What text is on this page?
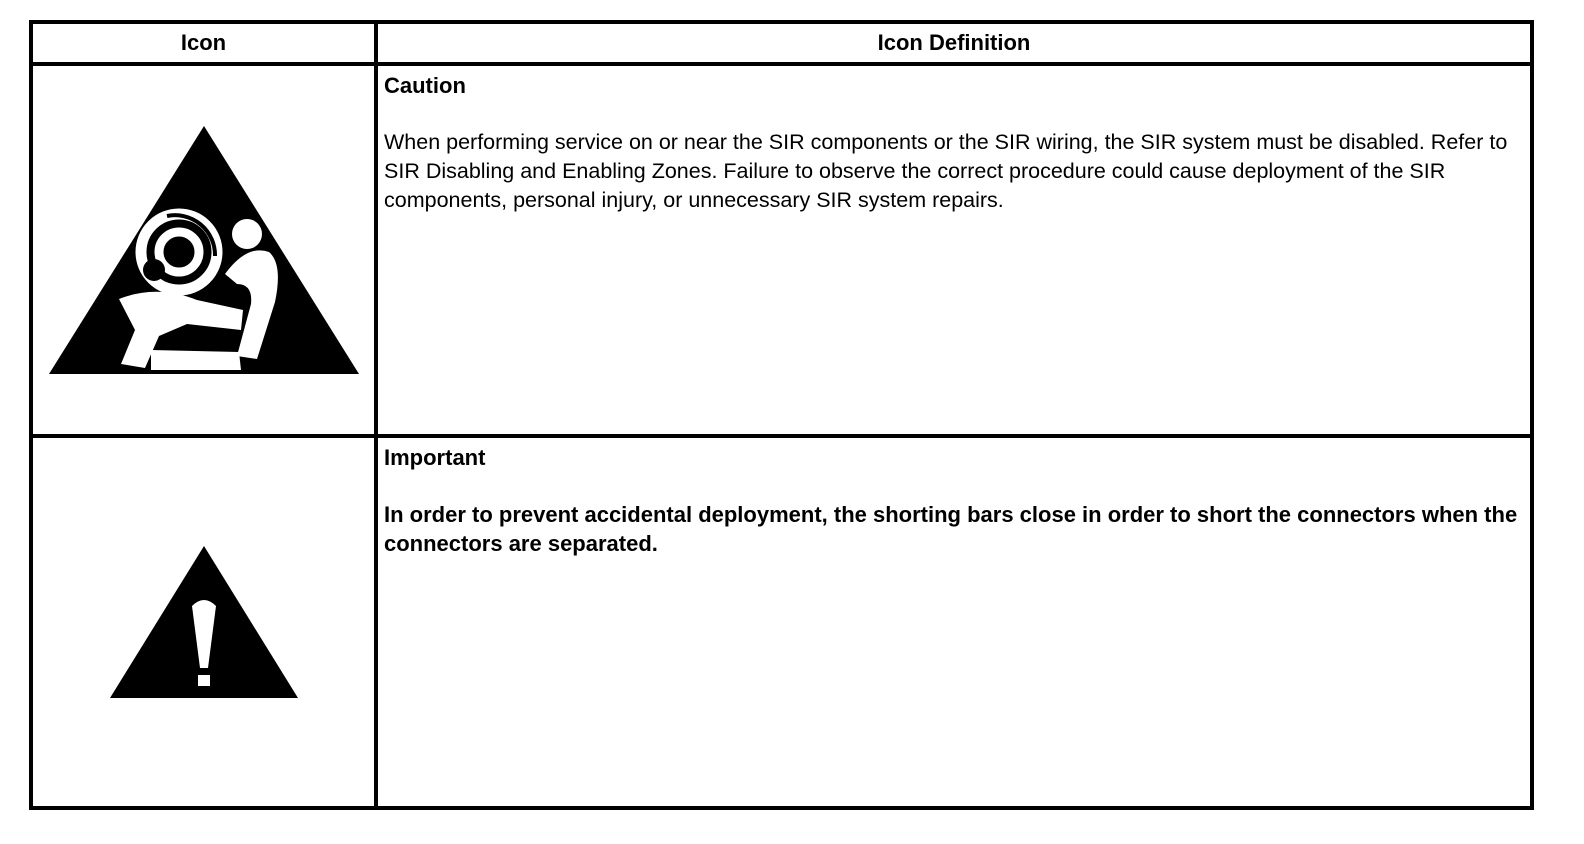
Icon	Icon Definition

Caution

When performing service on or near the SIR components or the SIR wiring, the SIR system must be disabled. Refer to SIR Disabling and Enabling Zones. Failure to observe the correct procedure could cause deployment of the SIR components, personal injury, or unnecessary SIR system repairs.

Important

In order to prevent accidental deployment, the shorting bars close in order to short the connectors when the connectors are separated.
